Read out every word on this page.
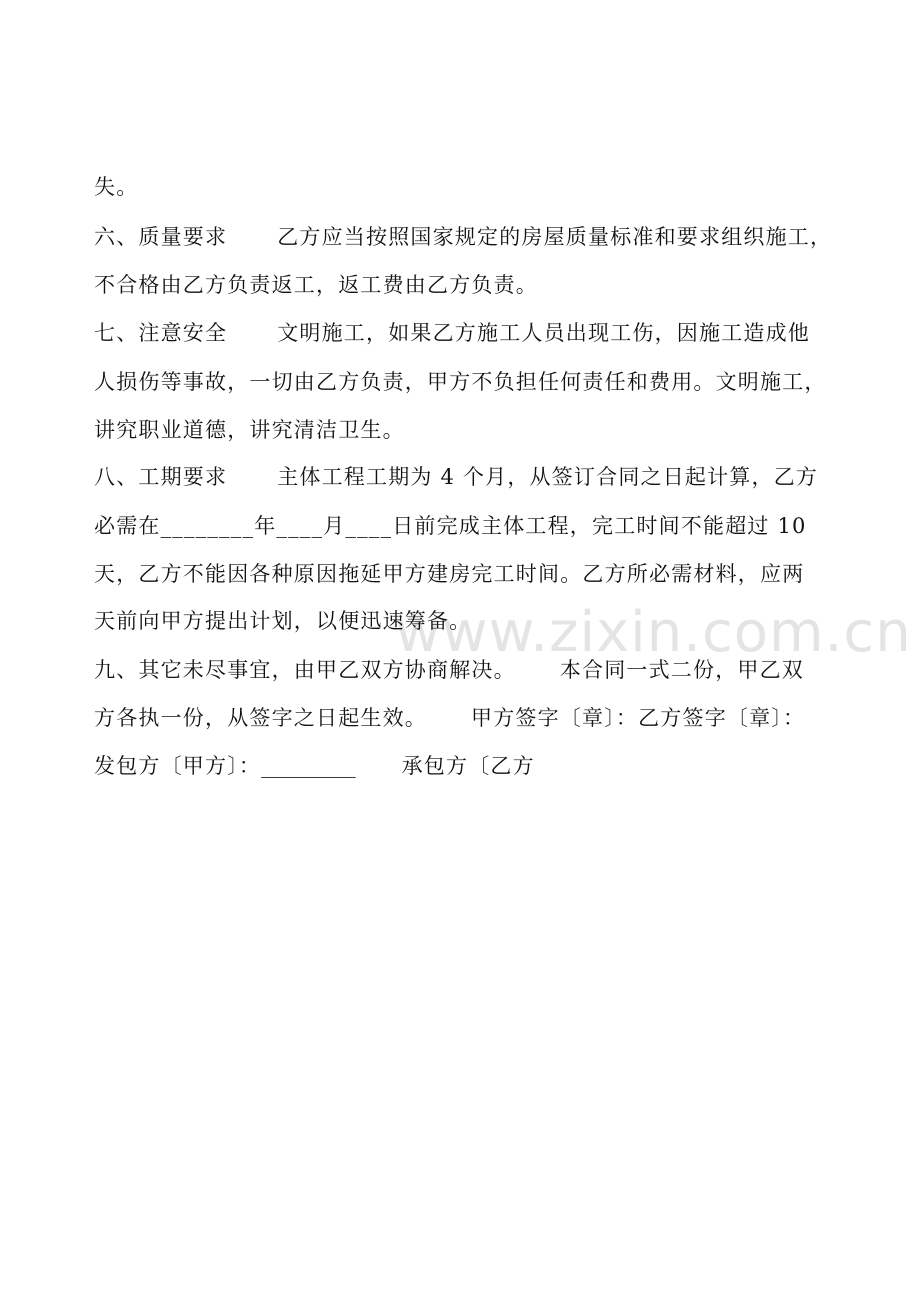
www.zixin.com.cn
失。
六、质量要求 乙方应当按照国家规定的房屋质量标准和要求组织施工，
不合格由乙方负责返工，返工费由乙方负责。
七、注意安全 文明施工，如果乙方施工人员出现工伤，因施工造成他
人损伤等事故，一切由乙方负责，甲方不负担任何责任和费用。文明施工，
讲究职业道德，讲究清洁卫生。
八、工期要求 主体工程工期为 4 个月，从签订合同之日起计算，乙方
必需在________年____月____日前完成主体工程，完工时间不能超过 10
天，乙方不能因各种原因拖延甲方建房完工时间。乙方所必需材料，应两
天前向甲方提出计划，以便迅速筹备。
九、其它未尽事宜，由甲乙双方协商解决。 本合同一式二份，甲乙双
方各执一份，从签字之日起生效。 甲方签字〔章〕：乙方签字〔章〕：
发包方〔甲方〕：_________ 承包方〔乙方
